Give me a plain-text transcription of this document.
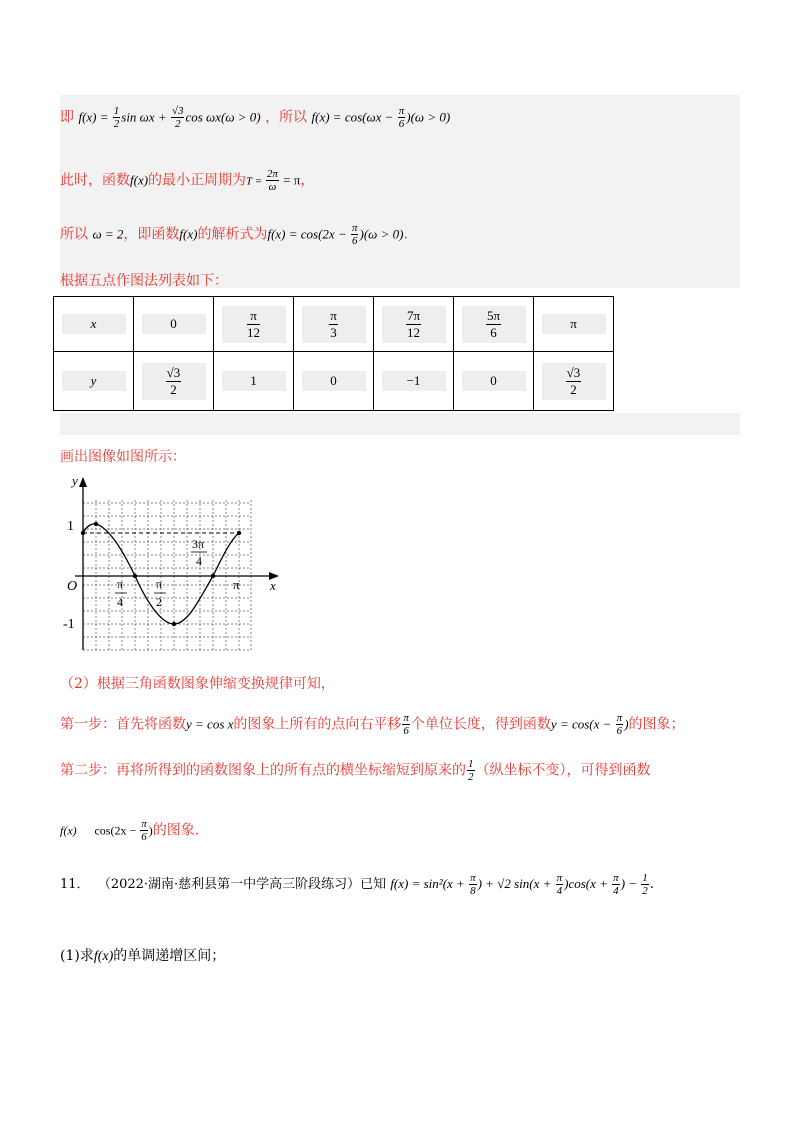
即 $f(x) = \frac{1}{2}$ $\sin \omega x + \frac{√3}{2}$ cos ωx(ω > 0) ，所以 $f(x) = \cos(\omega x - \frac{\pi}{6} )(\omega > 0)$
此时，函数f(x)的最小正周期为$T = \frac{2\pi}{\omega} = \pi$，
所以 ω = 2，即函数f(x)的解析式为$f(x) = \cos(2x - \frac{\pi}{6} )(\omega > 0)$.
根据五点作图法列表如下：
x	0	$\frac{\pi}{12}$	$\frac{\pi}{3}$	$\frac{7\pi}{12}$	$\frac{5\pi}{6}$	π
y	$\frac{√3}{2}$	1	0	−1	0	$\frac{√3}{2}$
画出图像如图所示：
y
x
O
1
-1
π
4
π
2
3π
4
π
（2）根据三角函数图象伸缩变换规律可知，
第一步：首先将函数y = cos x的图象上所有的点向右平移 $\frac{\pi}{6}$ 个单位长度，得到函数$y = \cos(x - \frac{\pi}{6}$ )的图象；
第二步：再将所得到的函数图象上的所有点的横坐标缩短到原来的 $\frac{1}{2}$ （纵坐标不变），可得到函数
f(x) $\cos(2x - \frac{\pi}{6}$ )的图象.
11． （2022·湖南·慈利县第一中学高三阶段练习）已知 $f(x) = \sin^2(x + \frac{\pi}{8}$ ) + √2 $\sin(x + \frac{\pi}{4} )\cos(x + \frac{\pi}{4}$ ) − $\frac{1}{2}$ .
(1)求f(x)的单调递增区间；
